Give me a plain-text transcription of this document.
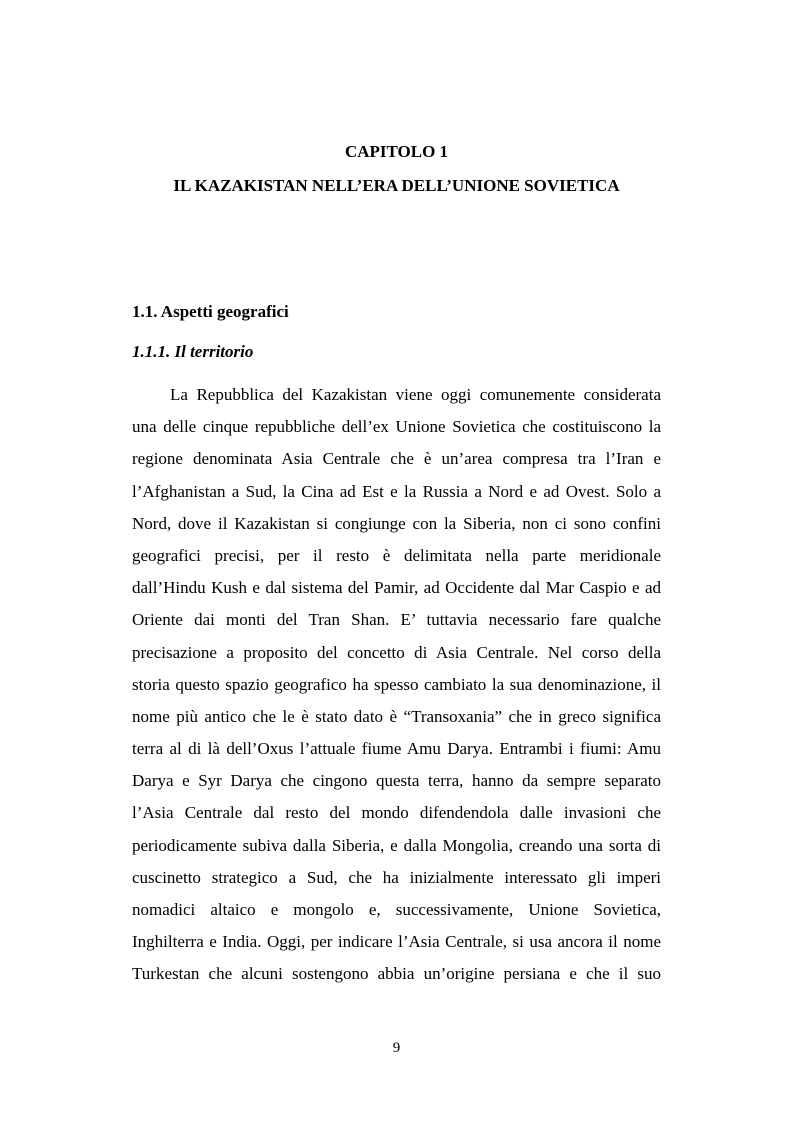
CAPITOLO 1
IL KAZAKISTAN NELL’ERA DELL’UNIONE SOVIETICA
1.1. Aspetti geografici
1.1.1. Il territorio
La Repubblica del Kazakistan viene oggi comunemente considerata
una delle cinque repubbliche dell’ex Unione Sovietica che costituiscono la
regione denominata Asia Centrale che è un’area compresa tra l’Iran e
l’Afghanistan a Sud, la Cina ad Est e la Russia a Nord e ad Ovest. Solo a
Nord, dove il Kazakistan si congiunge con la Siberia, non ci sono confini
geografici precisi, per il resto è delimitata nella parte meridionale
dall’Hindu Kush e dal sistema del Pamir, ad Occidente dal Mar Caspio e ad
Oriente dai monti del Tran Shan. E’ tuttavia necessario fare qualche
precisazione a proposito del concetto di Asia Centrale. Nel corso della
storia questo spazio geografico ha spesso cambiato la sua denominazione, il
nome più antico che le è stato dato è “Transoxania” che in greco significa
terra al di là dell’Oxus l’attuale fiume Amu Darya. Entrambi i fiumi: Amu
Darya e Syr Darya che cingono questa terra, hanno da sempre separato
l’Asia Centrale dal resto del mondo difendendola dalle invasioni che
periodicamente subiva dalla Siberia, e dalla Mongolia, creando una sorta di
cuscinetto strategico a Sud, che ha inizialmente interessato gli imperi
nomadici altaico e mongolo e, successivamente, Unione Sovietica,
Inghilterra e India. Oggi, per indicare l’Asia Centrale, si usa ancora il nome
Turkestan che alcuni sostengono abbia un’origine persiana e che il suo

9
